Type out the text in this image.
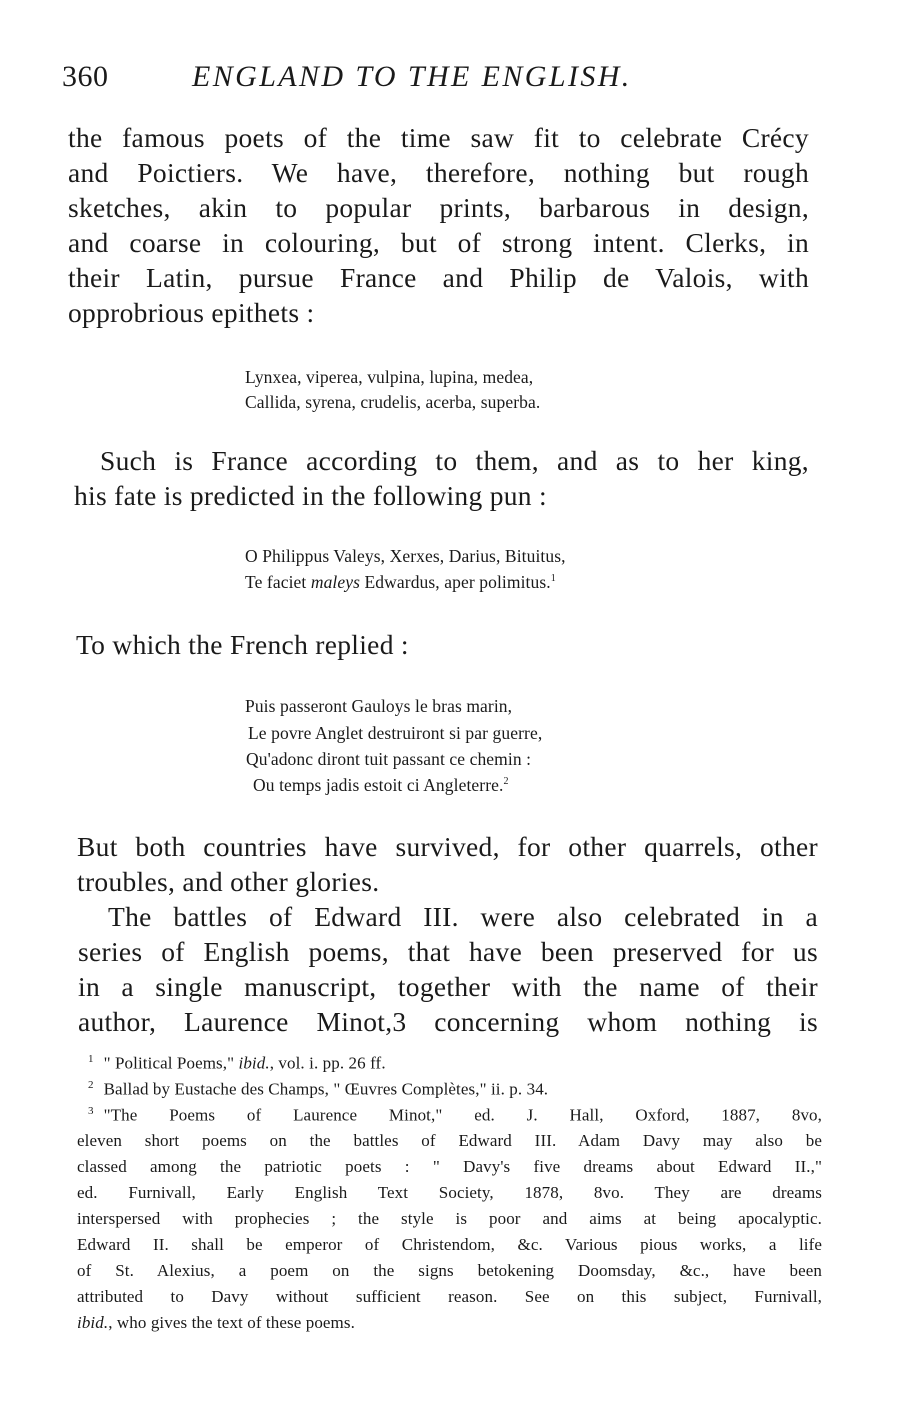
360	ENGLAND TO THE ENGLISH.
the famous poets of the time saw fit to celebrate Crécy
and Poictiers. We have, therefore, nothing but rough
sketches, akin to popular prints, barbarous in design,
and coarse in colouring, but of strong intent. Clerks, in
their Latin, pursue France and Philip de Valois, with
opprobrious epithets :
Lynxea, viperea, vulpina, lupina, medea,
Callida, syrena, crudelis, acerba, superba.
Such is France according to them, and as to her king,
his fate is predicted in the following pun :
O Philippus Valeys, Xerxes, Darius, Bituitus,
Te faciet maleys Edwardus, aper polimitus.$^1$
To which the French replied :
Puis passeront Gauloys le bras marin,
Le povre Anglet destruiront si par guerre,
Qu'adonc diront tuit passant ce chemin :
Ou temps jadis estoit ci Angleterre.$^2$
But both countries have survived, for other quarrels, other
troubles, and other glories.
The battles of Edward III. were also celebrated in a
series of English poems, that have been preserved for us
in a single manuscript, together with the name of their
author, Laurence Minot,3 concerning whom nothing is
$^1$ " Political Poems," ibid., vol. i. pp. 26 ff.
$^2$ Ballad by Eustache des Champs, " Œuvres Complètes," ii. p. 34.
$^3$ "The Poems of Laurence Minot," ed. J. Hall, Oxford, 1887, 8vo,
eleven short poems on the battles of Edward III. Adam Davy may also be
classed among the patriotic poets : " Davy's five dreams about Edward II.,"
ed. Furnivall, Early English Text Society, 1878, 8vo. They are dreams
interspersed with prophecies ; the style is poor and aims at being apocalyptic.
Edward II. shall be emperor of Christendom, &c. Various pious works, a life
of St. Alexius, a poem on the signs betokening Doomsday, &c., have been
attributed to Davy without sufficient reason. See on this subject, Furnivall,
ibid., who gives the text of these poems.
